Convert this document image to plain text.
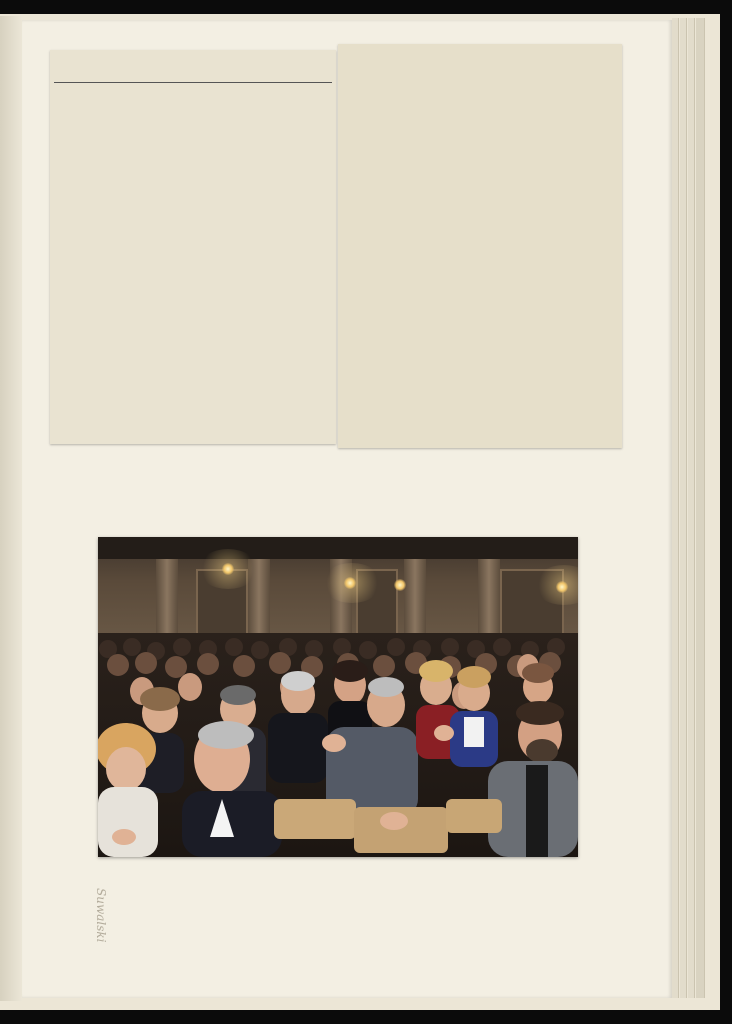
Suwalski
